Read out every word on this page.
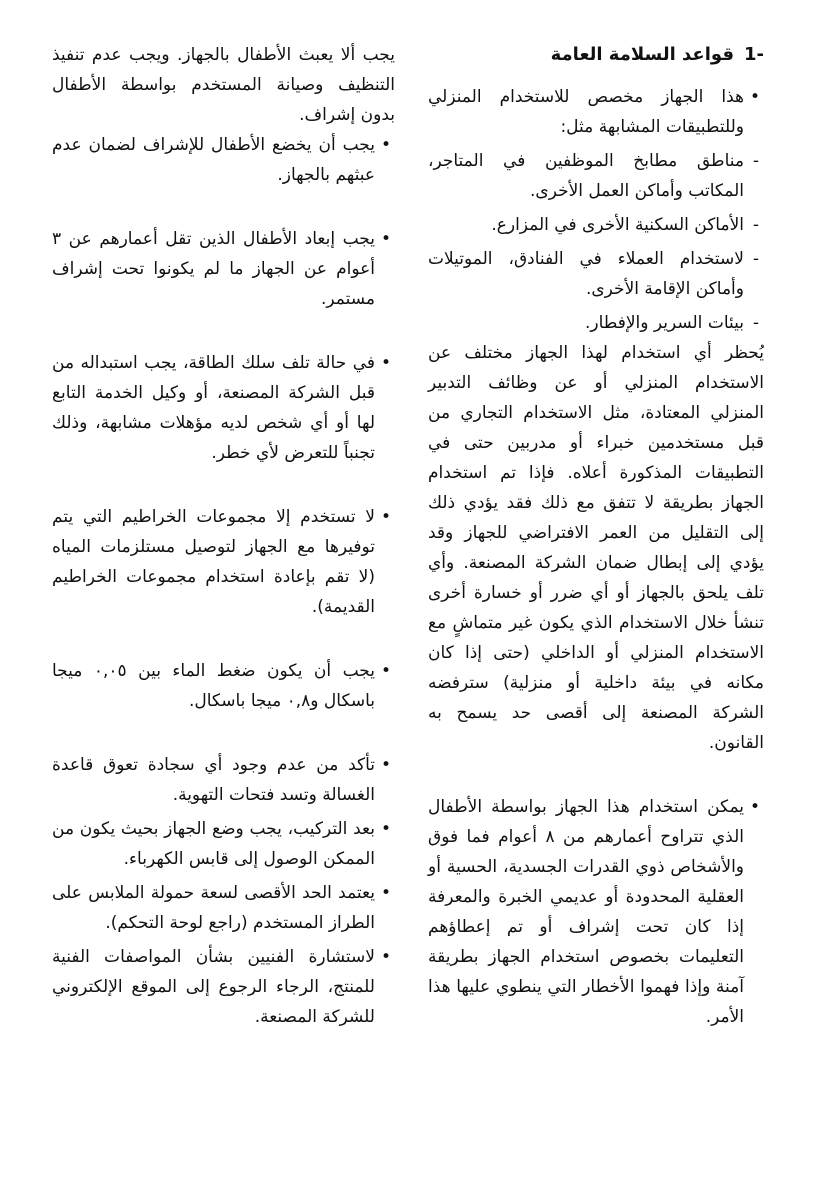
-1قواعد السلامة العامة
•
هذا الجهاز مخصص للاستخدام المنزلي وللتطبيقات المشابهة مثل:
-
مناطق مطابخ الموظفين في المتاجر، المكاتب وأماكن العمل الأخرى.
-
الأماكن السكنية الأخرى في المزارع.
-
لاستخدام العملاء في الفنادق، الموتيلات وأماكن الإقامة الأخرى.
-
بيئات السرير والإفطار.

يُحظر أي استخدام لهذا الجهاز مختلف عن الاستخدام المنزلي أو عن وظائف التدبير المنزلي المعتادة، مثل الاستخدام التجاري من قبل مستخدمين خبراء أو مدربين حتى في التطبيقات المذكورة أعلاه. فإذا تم استخدام الجهاز بطريقة لا تتفق مع ذلك فقد يؤدي ذلك إلى التقليل من العمر الافتراضي للجهاز وقد يؤدي إلى إبطال ضمان الشركة المصنعة. وأي تلف يلحق بالجهاز أو أي ضرر أو خسارة أخرى تنشأ خلال الاستخدام الذي يكون غير متماشٍ مع الاستخدام المنزلي أو الداخلي (حتى إذا كان مكانه في بيئة داخلية أو منزلية) سترفضه الشركة المصنعة إلى أقصى حد يسمح به القانون.

•
يمكن استخدام هذا الجهاز بواسطة الأطفال الذي تتراوح أعمارهم من ٨ أعوام فما فوق والأشخاص ذوي القدرات الجسدية، الحسية أو العقلية المحدودة أو عديمي الخبرة والمعرفة إذا كان تحت إشراف أو تم إعطاؤهم التعليمات بخصوص استخدام الجهاز بطريقة آمنة وإذا فهموا الأخطار التي ينطوي عليها هذا الأمر.

يجب ألا يعبث الأطفال بالجهاز. ويجب عدم تنفيذ التنظيف وصيانة المستخدم بواسطة الأطفال بدون إشراف.

•
يجب أن يخضع الأطفال للإشراف لضمان عدم عبثهم بالجهاز.
•
يجب إبعاد الأطفال الذين تقل أعمارهم عن ٣ أعوام عن الجهاز ما لم يكونوا تحت إشراف مستمر.
•
في حالة تلف سلك الطاقة، يجب استبداله من قبل الشركة المصنعة، أو وكيل الخدمة التابع لها أو أي شخص لديه مؤهلات مشابهة، وذلك تجنباً للتعرض لأي خطر.
•
لا تستخدم إلا مجموعات الخراطيم التي يتم توفيرها مع الجهاز لتوصيل مستلزمات المياه (لا تقم بإعادة استخدام مجموعات الخراطيم القديمة).
•
يجب أن يكون ضغط الماء بين ٠,٠٥ ميجا باسكال و٠,٨ ميجا باسكال.
•
تأكد من عدم وجود أي سجادة تعوق قاعدة الغسالة وتسد فتحات التهوية.
•
بعد التركيب، يجب وضع الجهاز بحيث يكون من الممكن الوصول إلى قابس الكهرباء.
•
يعتمد الحد الأقصى لسعة حمولة الملابس على الطراز المستخدم (راجع لوحة التحكم).
•
لاستشارة الفنيين بشأن المواصفات الفنية للمنتج، الرجاء الرجوع إلى الموقع الإلكتروني للشركة المصنعة.
